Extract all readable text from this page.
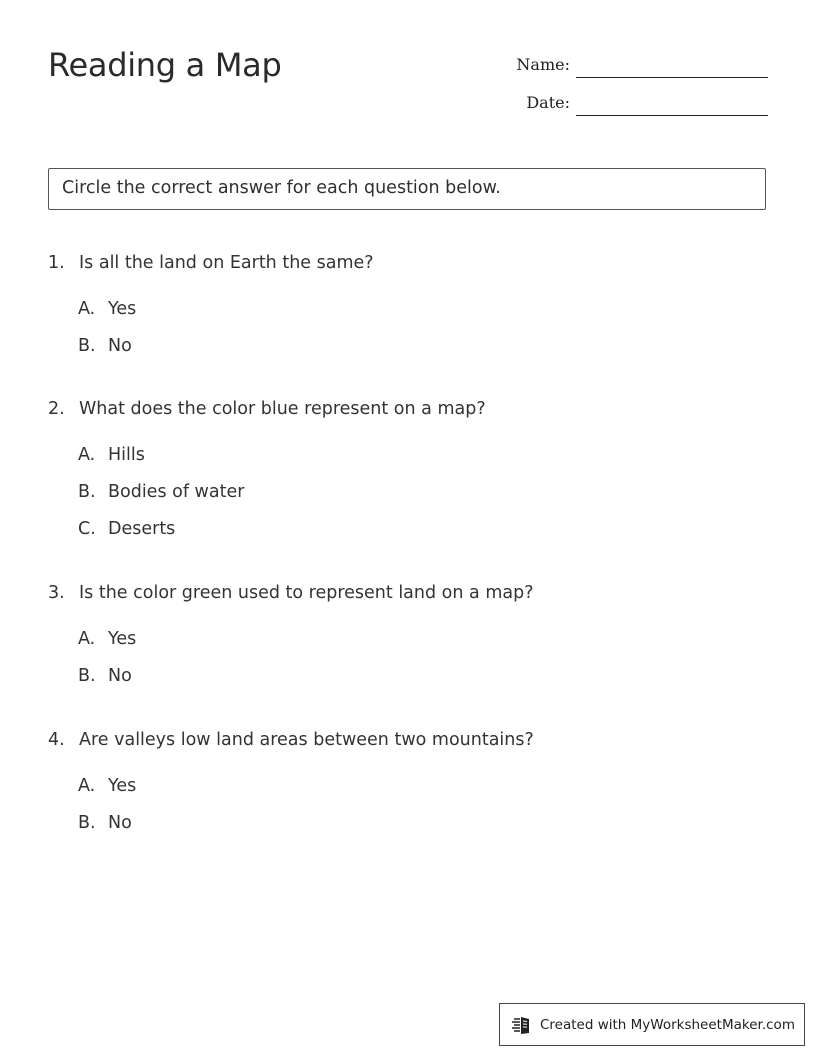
Reading a Map	Name:
Date:
Circle the correct answer for each question below.
1. Is all the land on Earth the same?
A. Yes
B. No
2. What does the color blue represent on a map?
A. Hills
B. Bodies of water
C. Deserts
3. Is the color green used to represent land on a map?
A. Yes
B. No
4. Are valleys low land areas between two mountains?
A. Yes
B. No
Created with MyWorksheetMaker.com
